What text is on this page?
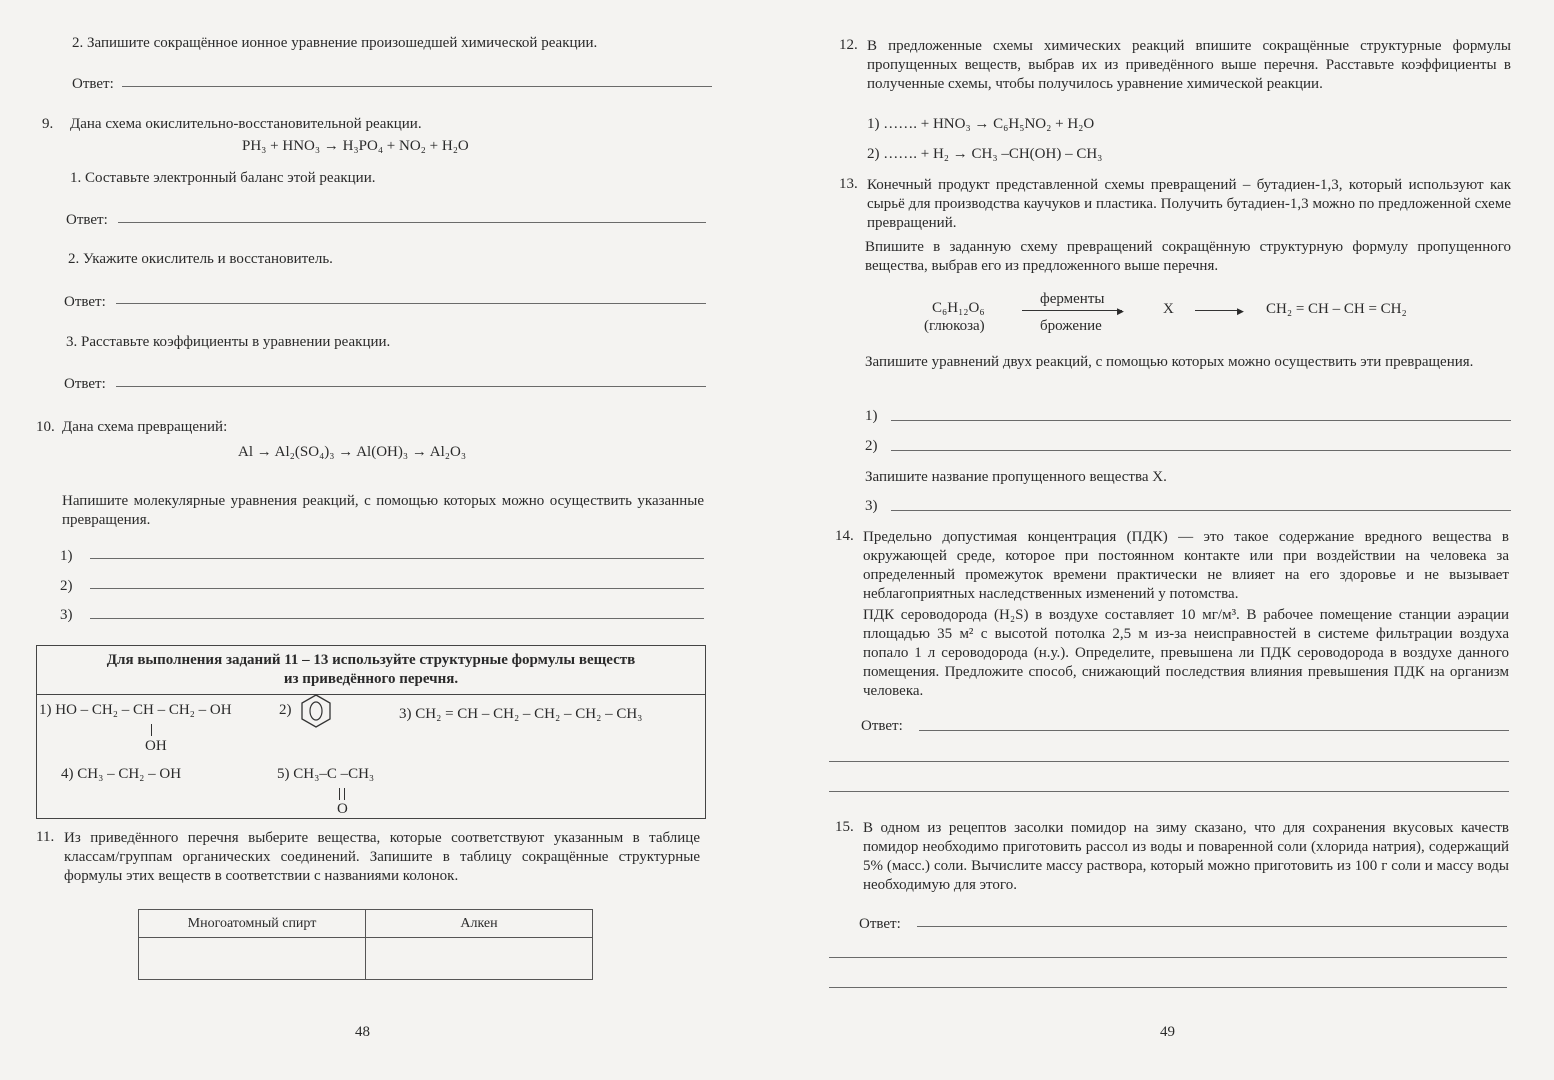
2. Запишите сокращённое ионное уравнение произошедшей химической реакции.
Ответ:
9. Дана схема окислительно-восстановительной реакции.
PH₃ + HNO₃ → H₃PO₄ + NO₂ + H₂O
1. Составьте электронный баланс этой реакции.
Ответ:
2. Укажите окислитель и восстановитель.
Ответ:
3. Расставьте коэффициенты в уравнении реакции.
Ответ:
10. Дана схема превращений:
Al → Al₂(SO₄)₃ → Al(OH)₃ → Al₂O₃
Напишите молекулярные уравнения реакций, с помощью которых можно осуществить указанные превращения.
1)
2)
3)
Для выполнения заданий 11 – 13 используйте структурные формулы веществ
из приведённого перечня.
1) HO – CH₂ – CH – CH₂ – OH
OH
2)	3) CH₂ = CH – CH₂ – CH₂ – CH₂ – CH₃
4) CH₃ – CH₂ – OH	5) CH₃–C –CH₃
O
11. Из приведённого перечня выберите вещества, которые соответствуют указанным в таблице классам/группам органических соединений. Запишите в таблицу сокращённые структурные формулы этих веществ в соответствии с названиями колонок.
Многоатомный спирт	Алкен

48
12. В предложенные схемы химических реакций впишите сокращённые структурные формулы пропущенных веществ, выбрав их из приведённого выше перечня. Расставьте коэффициенты в полученные схемы, чтобы получилось уравнение химической реакции.
1) ……. + HNO₃ → C₆H₅NO₂ + H₂O
2) ……. + H₂ → CH₃ –CH(OH) – CH₃
13. Конечный продукт представленной схемы превращений – бутадиен-1,3, который используют как сырьё для производства каучуков и пластика. Получить бутадиен-1,3 можно по предложенной схеме превращений.
Впишите в заданную схему превращений сокращённую структурную формулу пропущенного вещества, выбрав его из предложенного выше перечня.
C₆H₁₂O₆
(глюкоза)
ферменты
▶
брожение
X	▶ CH₂ = CH – CH = CH₂
Запишите уравнений двух реакций, с помощью которых можно осуществить эти превращения.
1)
2)
Запишите название пропущенного вещества X.
3)
14. Предельно допустимая концентрация (ПДК) — это такое содержание вредного вещества в окружающей среде, которое при постоянном контакте или при воздействии на человека за определенный промежуток времени практически не влияет на его здоровье и не вызывает неблагоприятных наследственных изменений у потомства.
ПДК сероводорода (H₂S) в воздухе составляет 10 мг/м³. В рабочее помещение станции аэрации площадью 35 м² с высотой потолка 2,5 м из-за неисправностей в системе фильтрации воздуха попало 1 л сероводорода (н.у.). Определите, превышена ли ПДК сероводорода в воздухе данного помещения. Предложите способ, снижающий последствия влияния превышения ПДК на организм человека.
Ответ:
15. В одном из рецептов засолки помидор на зиму сказано, что для сохранения вкусовых качеств помидор необходимо приготовить рассол из воды и поваренной соли (хлорида натрия), содержащий 5% (масс.) соли. Вычислите массу раствора, который можно приготовить из 100 г соли и массу воды необходимую для этого.
Ответ:
49
